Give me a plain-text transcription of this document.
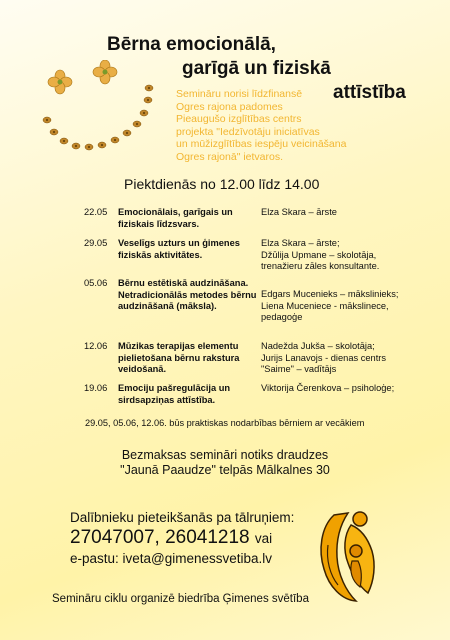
Bērna emocionālā,
garīgā un fiziskā
attīstība
Semināru norisi līdzfinansē
Ogres rajona padomes
Pieaugušo izglītības centrs
projekta "Iedzīvotāju iniciatīvas
un mūžizglītības iespēju veicināšana
Ogres rajonā" ietvaros.
Piektdienās no 12.00 līdz 14.00
22.05 Emocionālais, garīgais un fiziskais līdzsvars.
Elza Skara – ārste
29.05 Veselīgs uzturs un ģimenes fiziskās aktivitātes.
Elza Skara – ārste;
Džūlija Upmane – skolotāja,
trenažieru zāles konsultante.
05.06 Bērnu estētiskā audzināšana. Netradicionālās metodes bērnu audzināšanā (māksla).
Edgars Mucenieks – mākslinieks;
Liena Muceniece - mākslinece,
pedagoģe
12.06 Mūzikas terapijas elementu pielietošana bērnu rakstura veidošanā.
Nadežda Jukša – skolotāja;
Jurijs Lanavojs - dienas centrs
"Saime" – vadītājs
19.06 Emociju pašregulācija un sirdsapziņas attīstība.
Viktorija Čerenkova – psiholoģe;
29.05, 05.06, 12.06. būs praktiskas nodarbības bērniem ar vecākiem
Bezmaksas semināri notiks draudzes
"Jaunā Paaudze" telpās Mālkalnes 30
Dalībnieku pieteikšanās pa tālruņiem:
27047007, 26041218 vai
e-pastu: iveta@gimenessvetiba.lv
Semināru ciklu organizē biedrība Ģimenes svētība
